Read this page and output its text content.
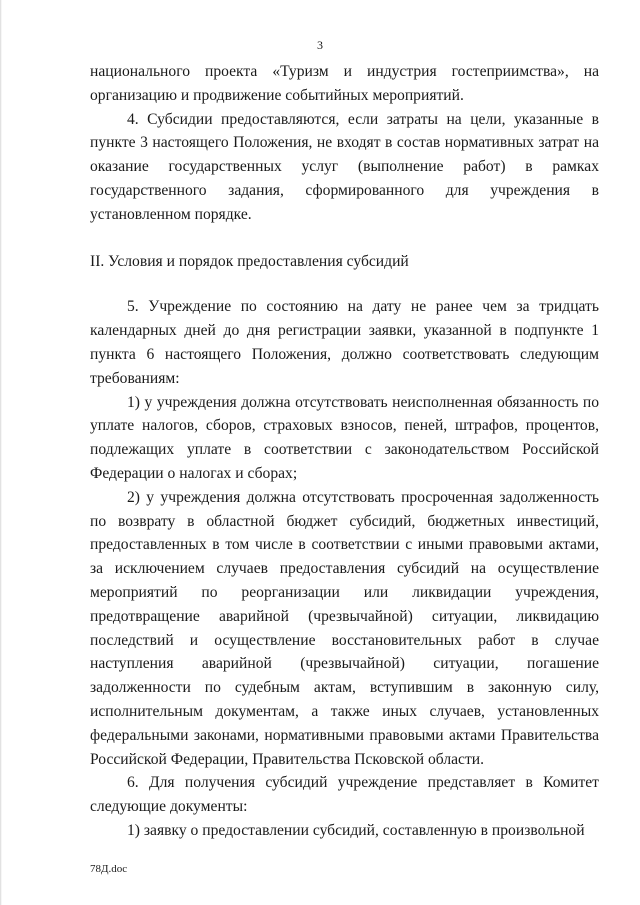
3

национального проекта «Туризм и индустрия гостеприимства», на организацию и продвижение событийных мероприятий.

4. Субсидии предоставляются, если затраты на цели, указанные в пункте 3 настоящего Положения, не входят в состав нормативных затрат на оказание государственных услуг (выполнение работ) в рамках государственного задания, сформированного для учреждения в установленном порядке.

II. Условия и порядок предоставления субсидий

5. Учреждение по состоянию на дату не ранее чем за тридцать календарных дней до дня регистрации заявки, указанной в подпункте 1 пункта 6 настоящего Положения, должно соответствовать следующим требованиям:

1) у учреждения должна отсутствовать неисполненная обязанность по уплате налогов, сборов, страховых взносов, пеней, штрафов, процентов, подлежащих уплате в соответствии с законодательством Российской Федерации о налогах и сборах;

2) у учреждения должна отсутствовать просроченная задолженность по возврату в областной бюджет субсидий, бюджетных инвестиций, предоставленных в том числе в соответствии с иными правовыми актами, за исключением случаев предоставления субсидий на осуществление мероприятий по реорганизации или ликвидации учреждения, предотвращение аварийной (чрезвычайной) ситуации, ликвидацию последствий и осуществление восстановительных работ в случае наступления аварийной (чрезвычайной) ситуации, погашение задолженности по судебным актам, вступившим в законную силу, исполнительным документам, а также иных случаев, установленных федеральными законами, нормативными правовыми актами Правительства Российской Федерации, Правительства Псковской области.

6. Для получения субсидий учреждение представляет в Комитет следующие документы:

1) заявку о предоставлении субсидий, составленную в произвольной

78Д.doc
